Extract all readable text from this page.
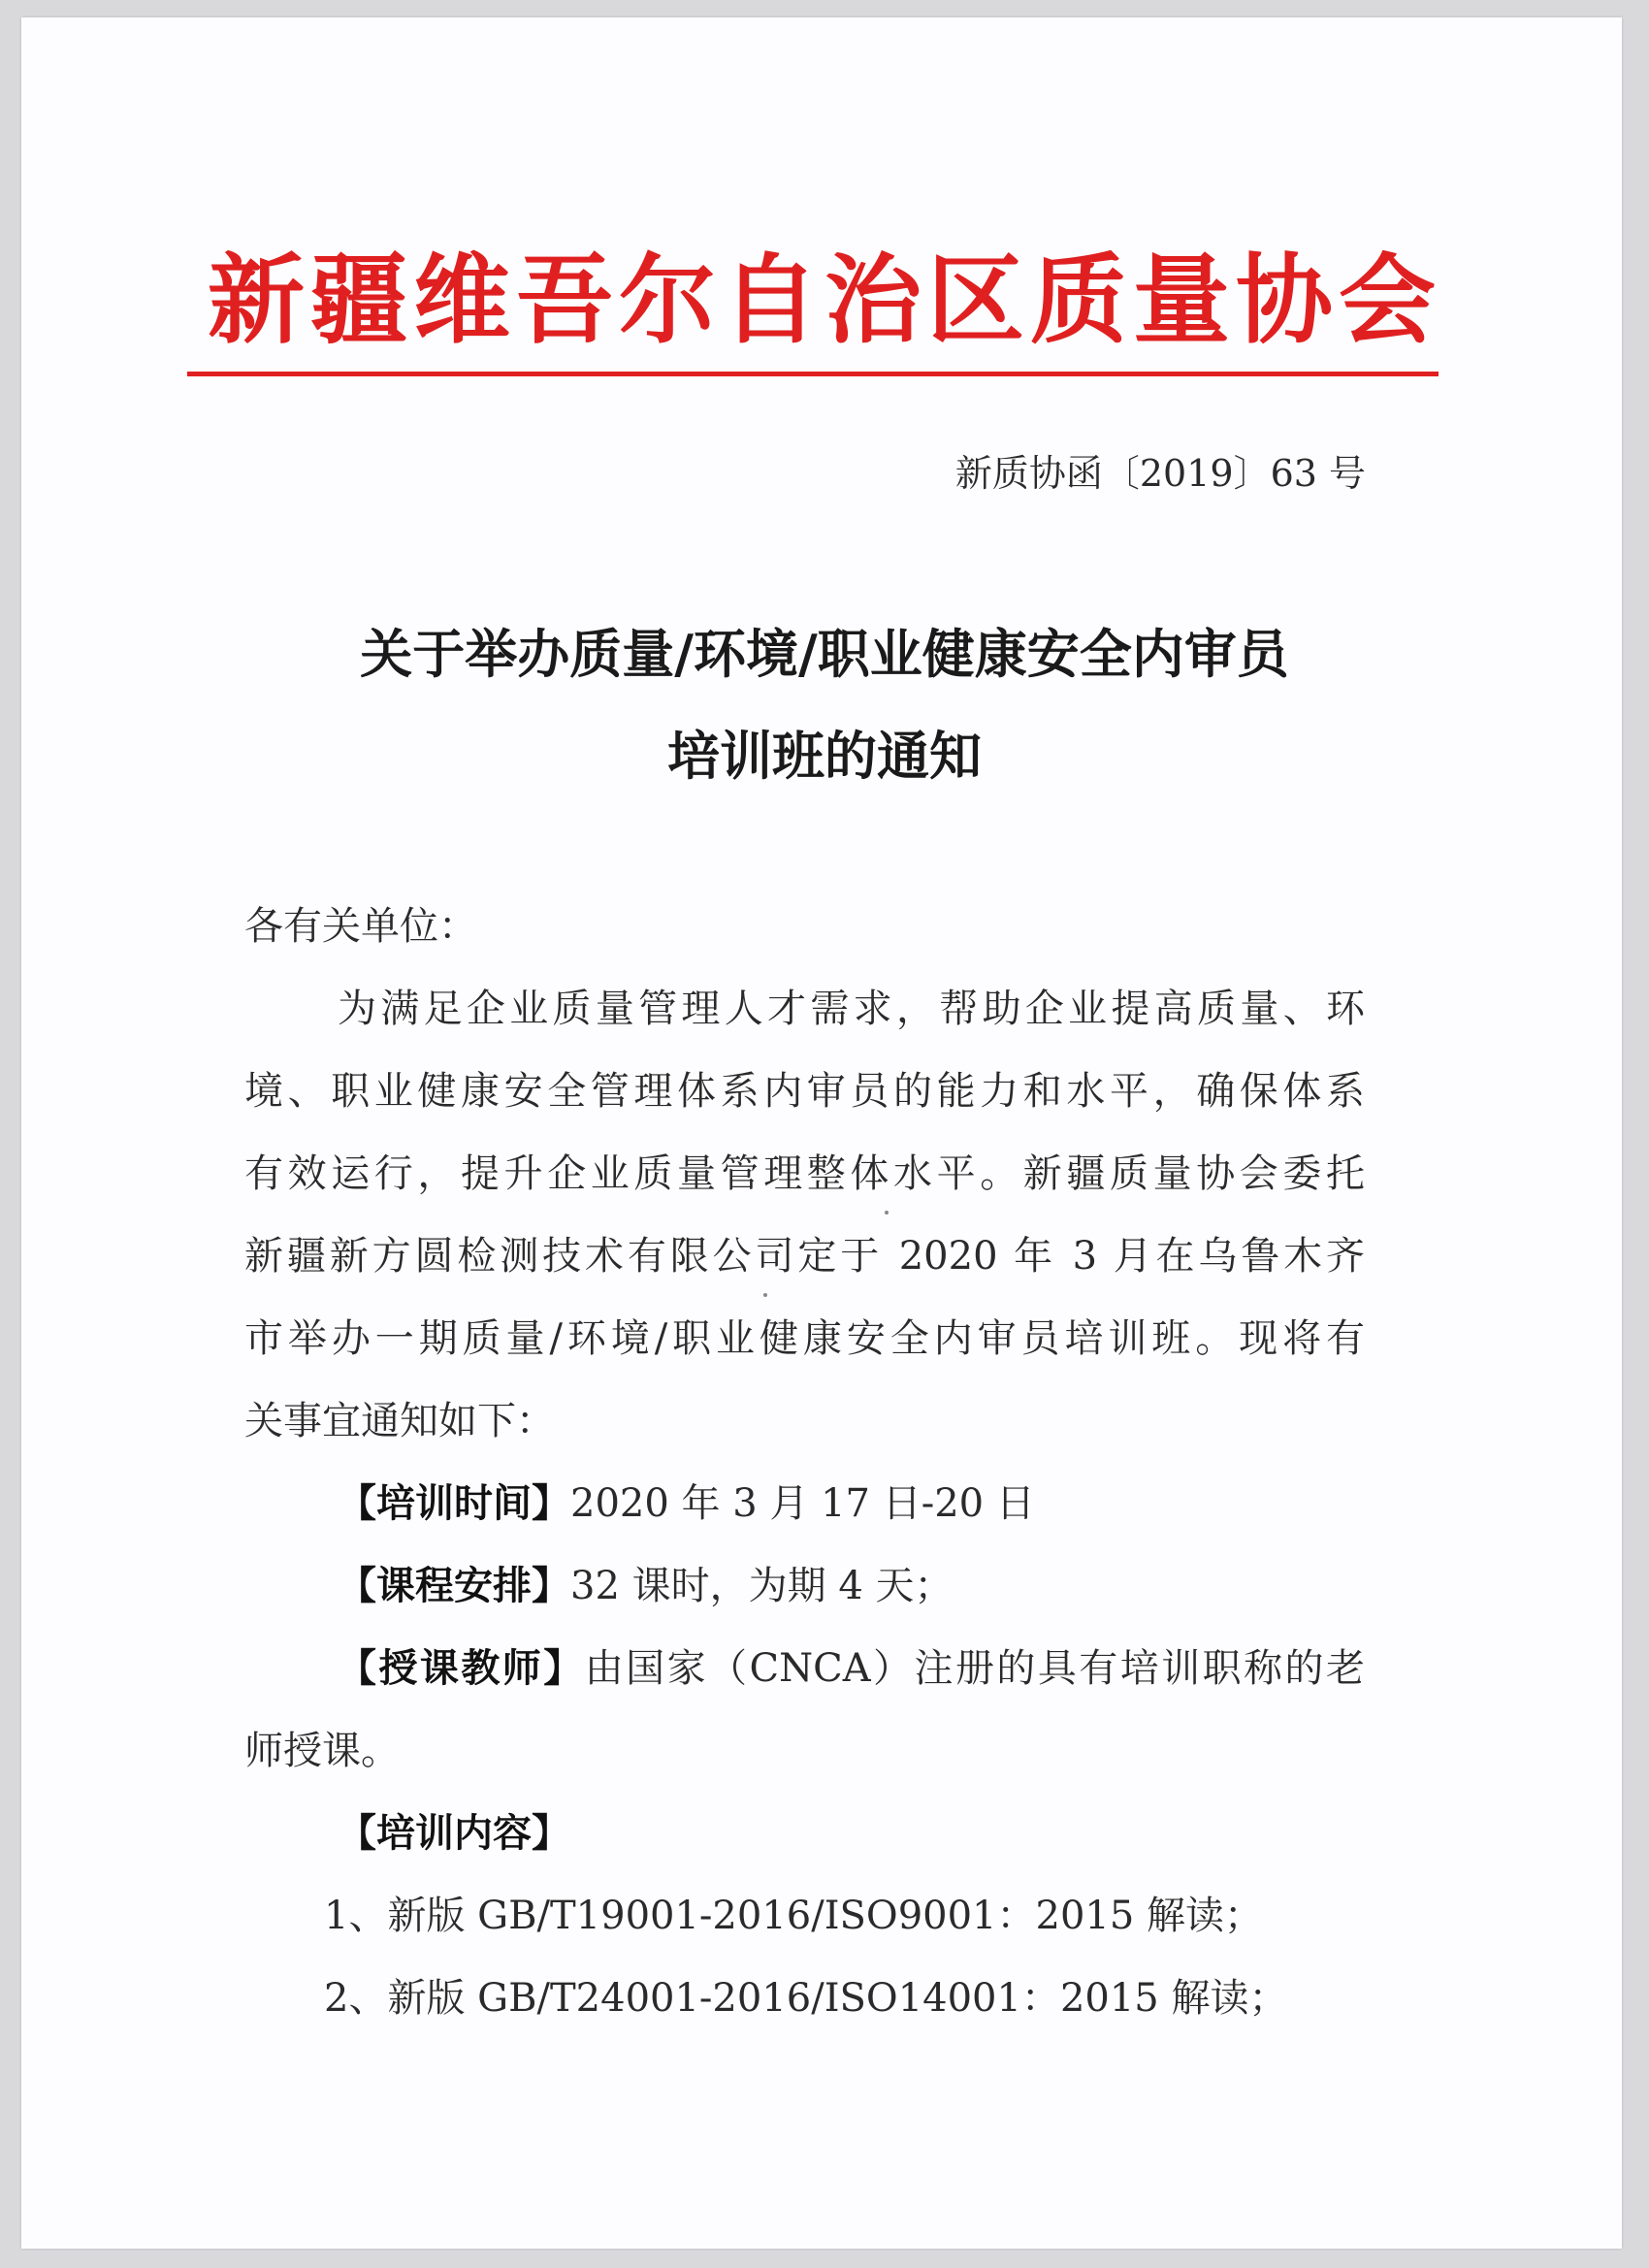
新疆维吾尔自治区质量协会
新质协函〔2019〕63 号
关于举办质量/环境/职业健康安全内审员
培训班的通知
各有关单位：
为满足企业质量管理人才需求，帮助企业提高质量、环
境、职业健康安全管理体系内审员的能力和水平，确保体系
有效运行，提升企业质量管理整体水平。新疆质量协会委托
新疆新方圆检测技术有限公司定于 2020 年 3 月在乌鲁木齐
市举办一期质量/环境/职业健康安全内审员培训班。现将有
关事宜通知如下：
【培训时间】2020 年 3 月 17 日-20 日
【课程安排】32 课时，为期 4 天；
【授课教师】由国家（CNCA）注册的具有培训职称的老
师授课。
【培训内容】
1、新版 GB/T19001-2016/ISO9001：2015 解读；
2、新版 GB/T24001-2016/ISO14001：2015 解读；
